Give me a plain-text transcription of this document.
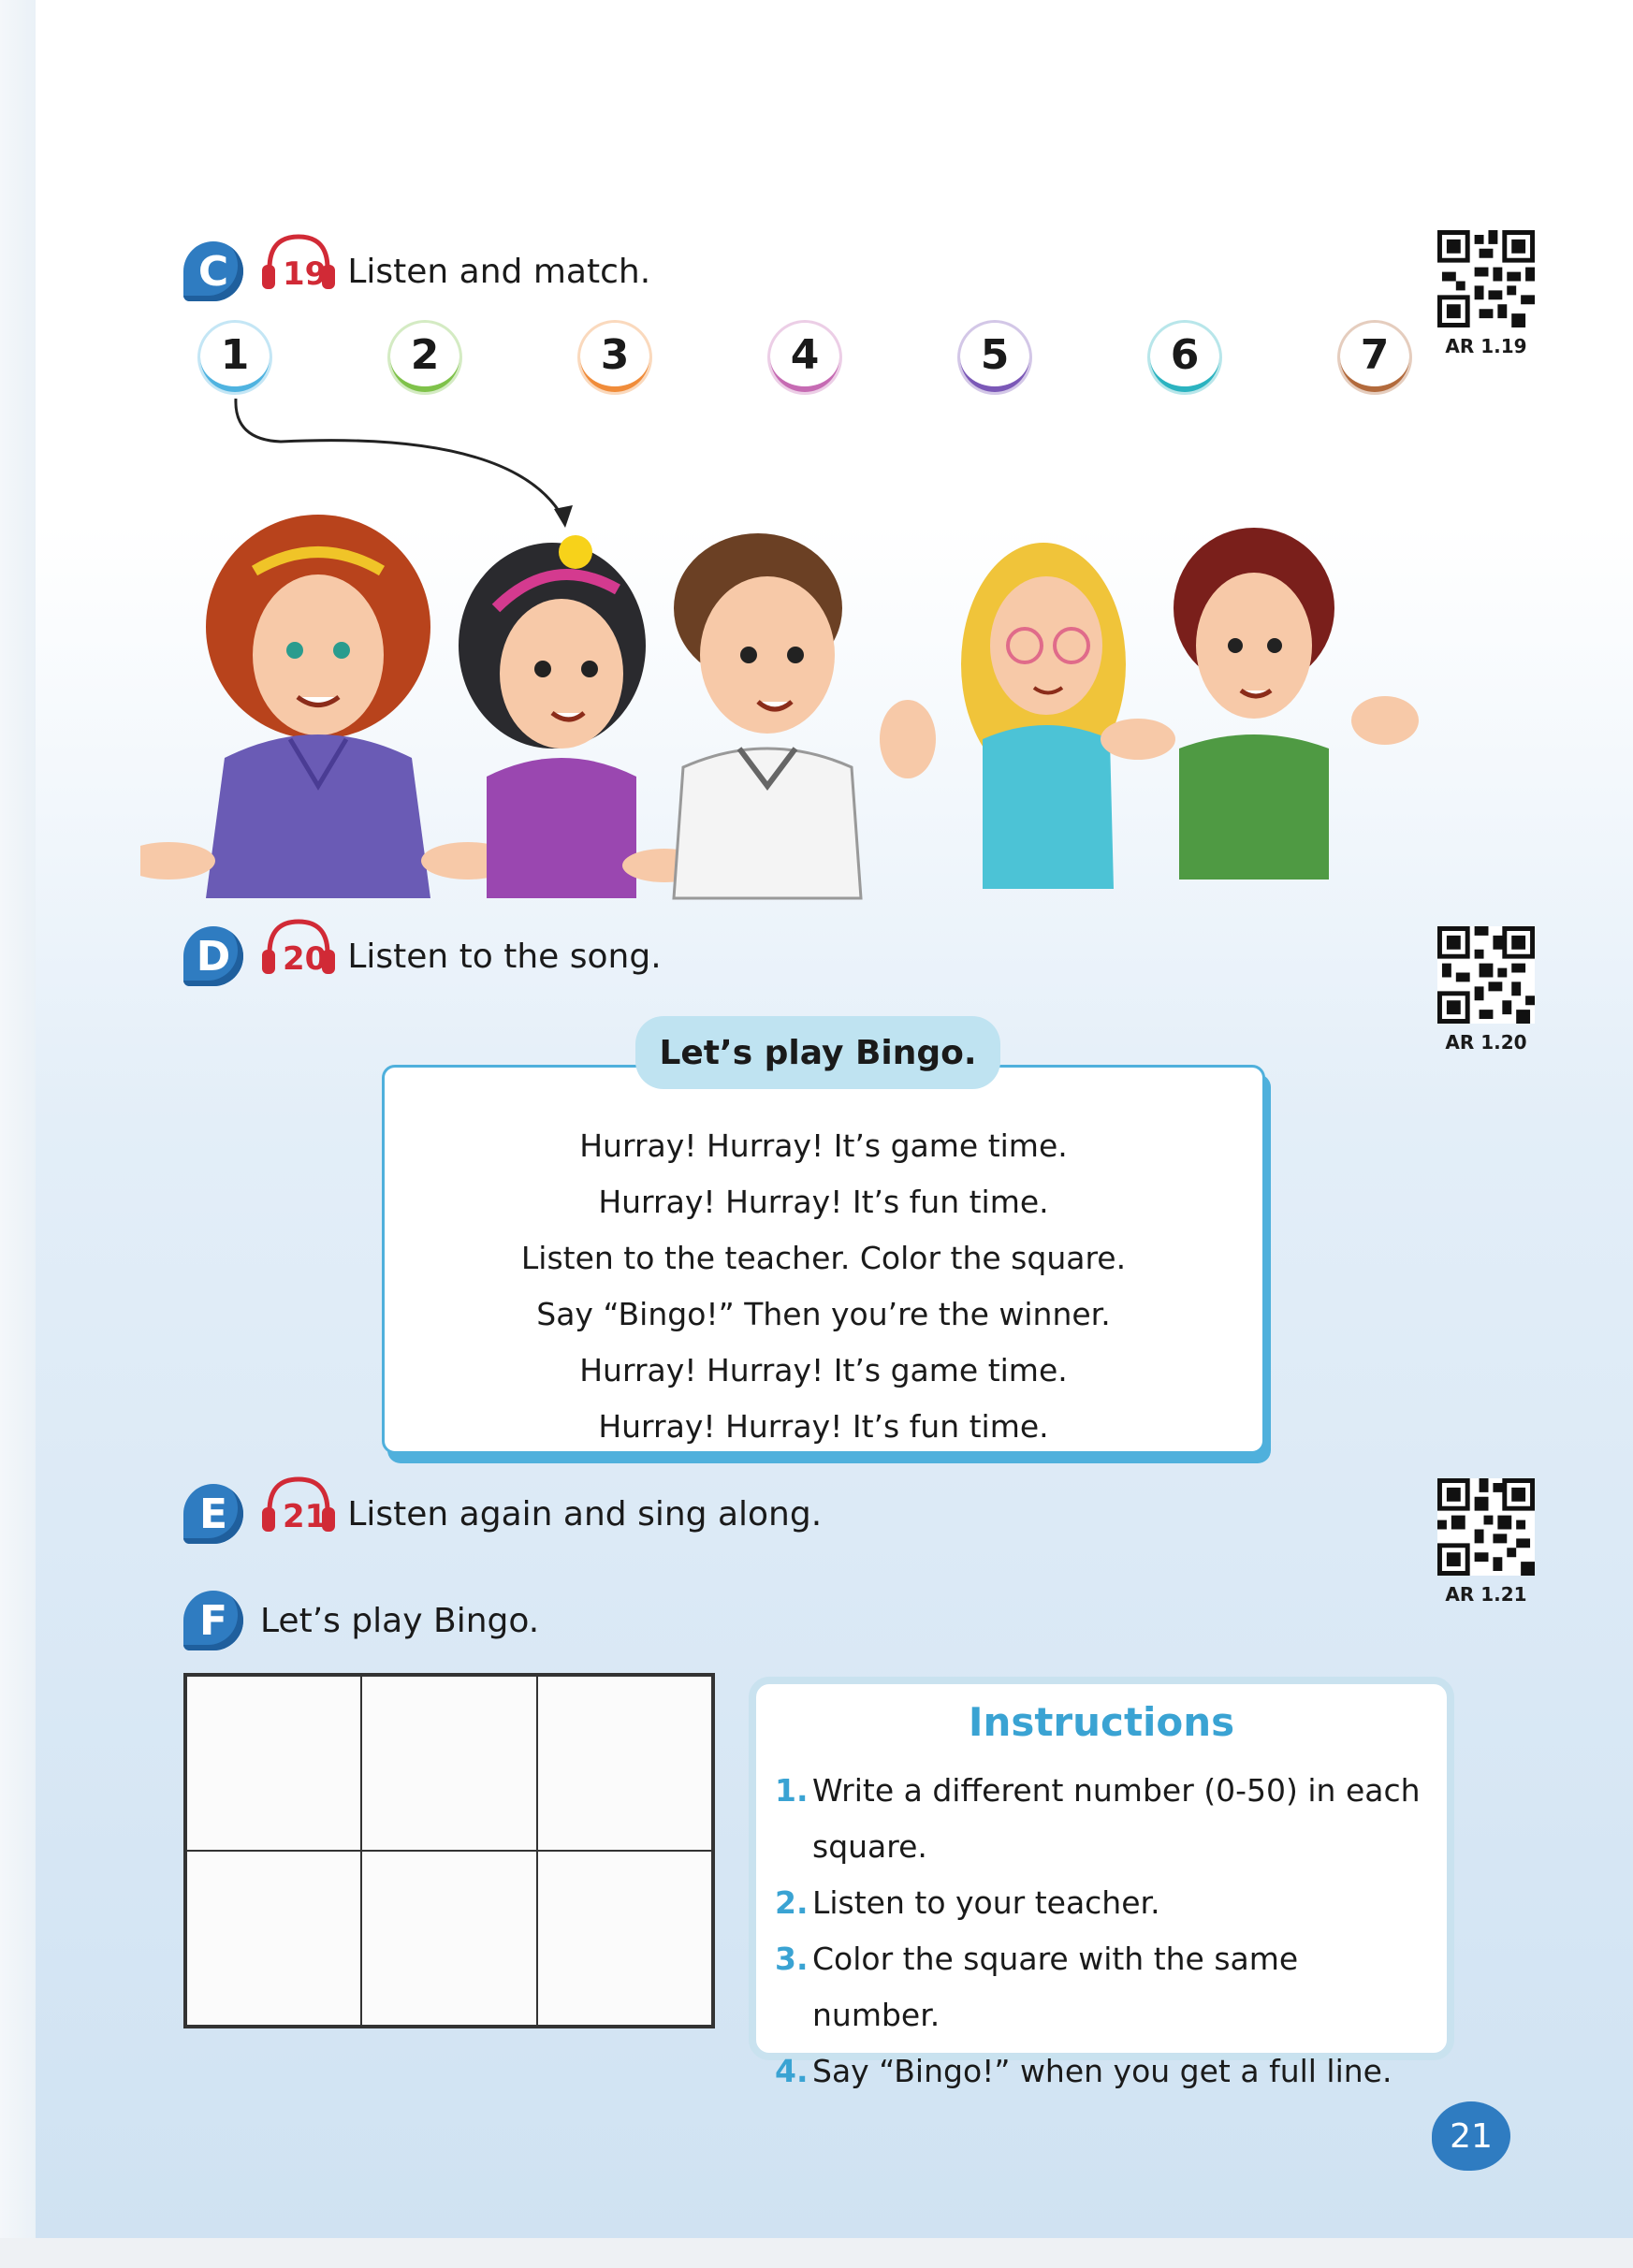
C	19 Listen and match.
AR 1.19
1	2	3	4	5	6	7
D	20 Listen to the song.
AR 1.20
Let’s play Bingo.
Hurray! Hurray! It’s game time.
Hurray! Hurray! It’s fun time.
Listen to the teacher. Color the square.
Say “Bingo!” Then you’re the winner.
Hurray! Hurray! It’s game time.
Hurray! Hurray! It’s fun time.
E	21 Listen again and sing along.
AR 1.21
F Let’s play Bingo.
Instructions
1. Write a different number (0-50) in each square.
2. Listen to your teacher.
3. Color the square with the same number.
4. Say “Bingo!” when you get a full line.
21
